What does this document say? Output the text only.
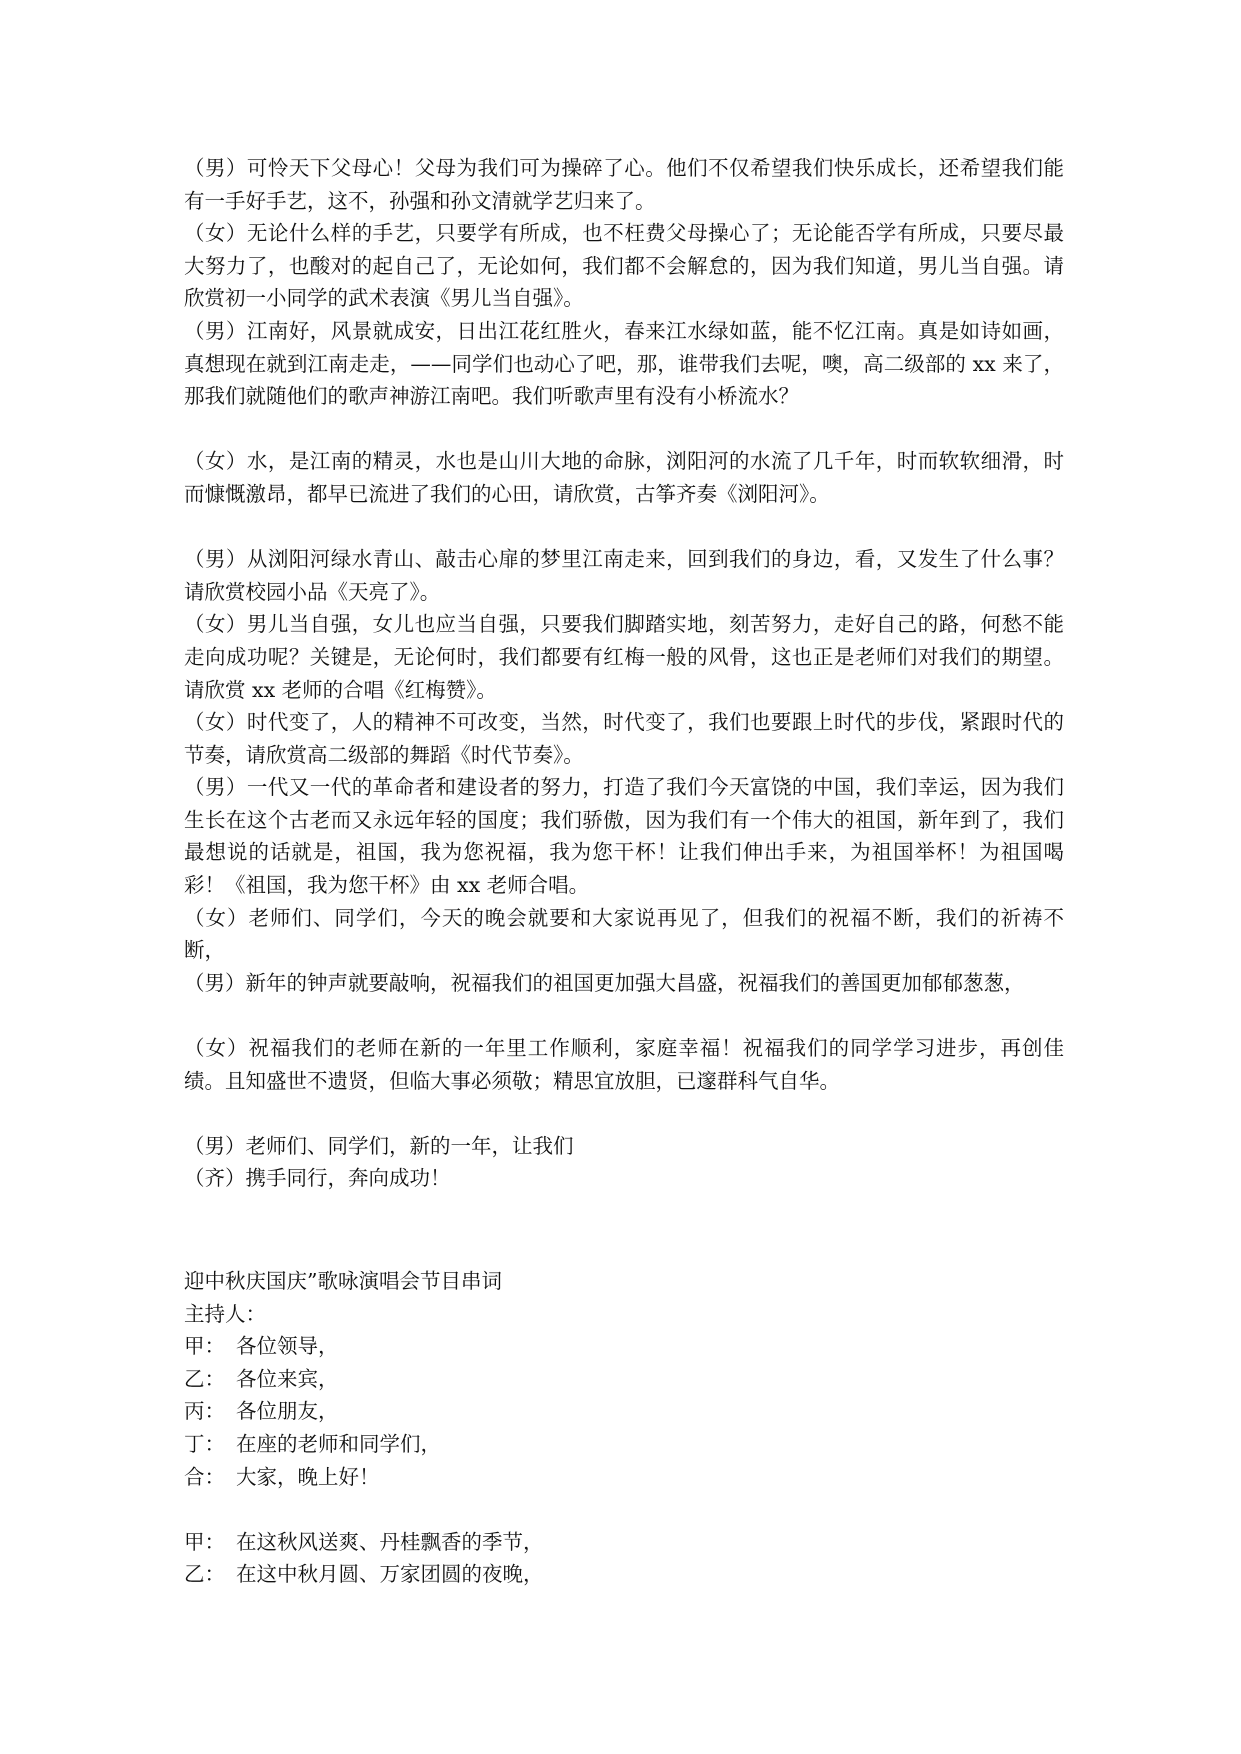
（男）可怜天下父母心！父母为我们可为操碎了心。他们不仅希望我们快乐成长，还希望我们能有一手好手艺，这不，孙强和孙文清就学艺归来了。

（女）无论什么样的手艺，只要学有所成，也不枉费父母操心了；无论能否学有所成，只要尽最大努力了，也酸对的起自己了，无论如何，我们都不会解怠的，因为我们知道，男儿当自强。请欣赏初一小同学的武术表演《男儿当自强》。

（男）江南好，风景就成安，日出江花红胜火，春来江水绿如蓝，能不忆江南。真是如诗如画，真想现在就到江南走走，——同学们也动心了吧，那，谁带我们去呢，噢，高二级部的 xx 来了，那我们就随他们的歌声神游江南吧。我们听歌声里有没有小桥流水？

（女）水，是江南的精灵，水也是山川大地的命脉，浏阳河的水流了几千年，时而软软细滑，时而慷慨激昂，都早已流进了我们的心田，请欣赏，古筝齐奏《浏阳河》。

（男）从浏阳河绿水青山、敲击心扉的梦里江南走来，回到我们的身边，看，又发生了什么事？请欣赏校园小品《天亮了》。

（女）男儿当自强，女儿也应当自强，只要我们脚踏实地，刻苦努力，走好自己的路，何愁不能走向成功呢？关键是，无论何时，我们都要有红梅一般的风骨，这也正是老师们对我们的期望。请欣赏 xx 老师的合唱《红梅赞》。

（女）时代变了，人的精神不可改变，当然，时代变了，我们也要跟上时代的步伐，紧跟时代的节奏，请欣赏高二级部的舞蹈《时代节奏》。

（男）一代又一代的革命者和建设者的努力，打造了我们今天富饶的中国，我们幸运，因为我们生长在这个古老而又永远年轻的国度；我们骄傲，因为我们有一个伟大的祖国，新年到了，我们最想说的话就是，祖国，我为您祝福，我为您干杯！让我们伸出手来，为祖国举杯！为祖国喝彩！《祖国，我为您干杯》由 xx 老师合唱。

（女）老师们、同学们，今天的晚会就要和大家说再见了，但我们的祝福不断，我们的祈祷不断，

（男）新年的钟声就要敲响，祝福我们的祖国更加强大昌盛，祝福我们的善国更加郁郁葱葱，

（女）祝福我们的老师在新的一年里工作顺利，家庭幸福！祝福我们的同学学习进步，再创佳绩。且知盛世不遗贤，但临大事必须敬；精思宜放胆，已邃群科气自华。

（男）老师们、同学们，新的一年，让我们

（齐）携手同行，奔向成功！

迎中秋庆国庆”歌咏演唱会节目串词

主持人：

甲： 各位领导，

乙： 各位来宾，

丙： 各位朋友，

丁： 在座的老师和同学们，

合： 大家，晚上好！

甲： 在这秋风送爽、丹桂飘香的季节，

乙： 在这中秋月圆、万家团圆的夜晚，
